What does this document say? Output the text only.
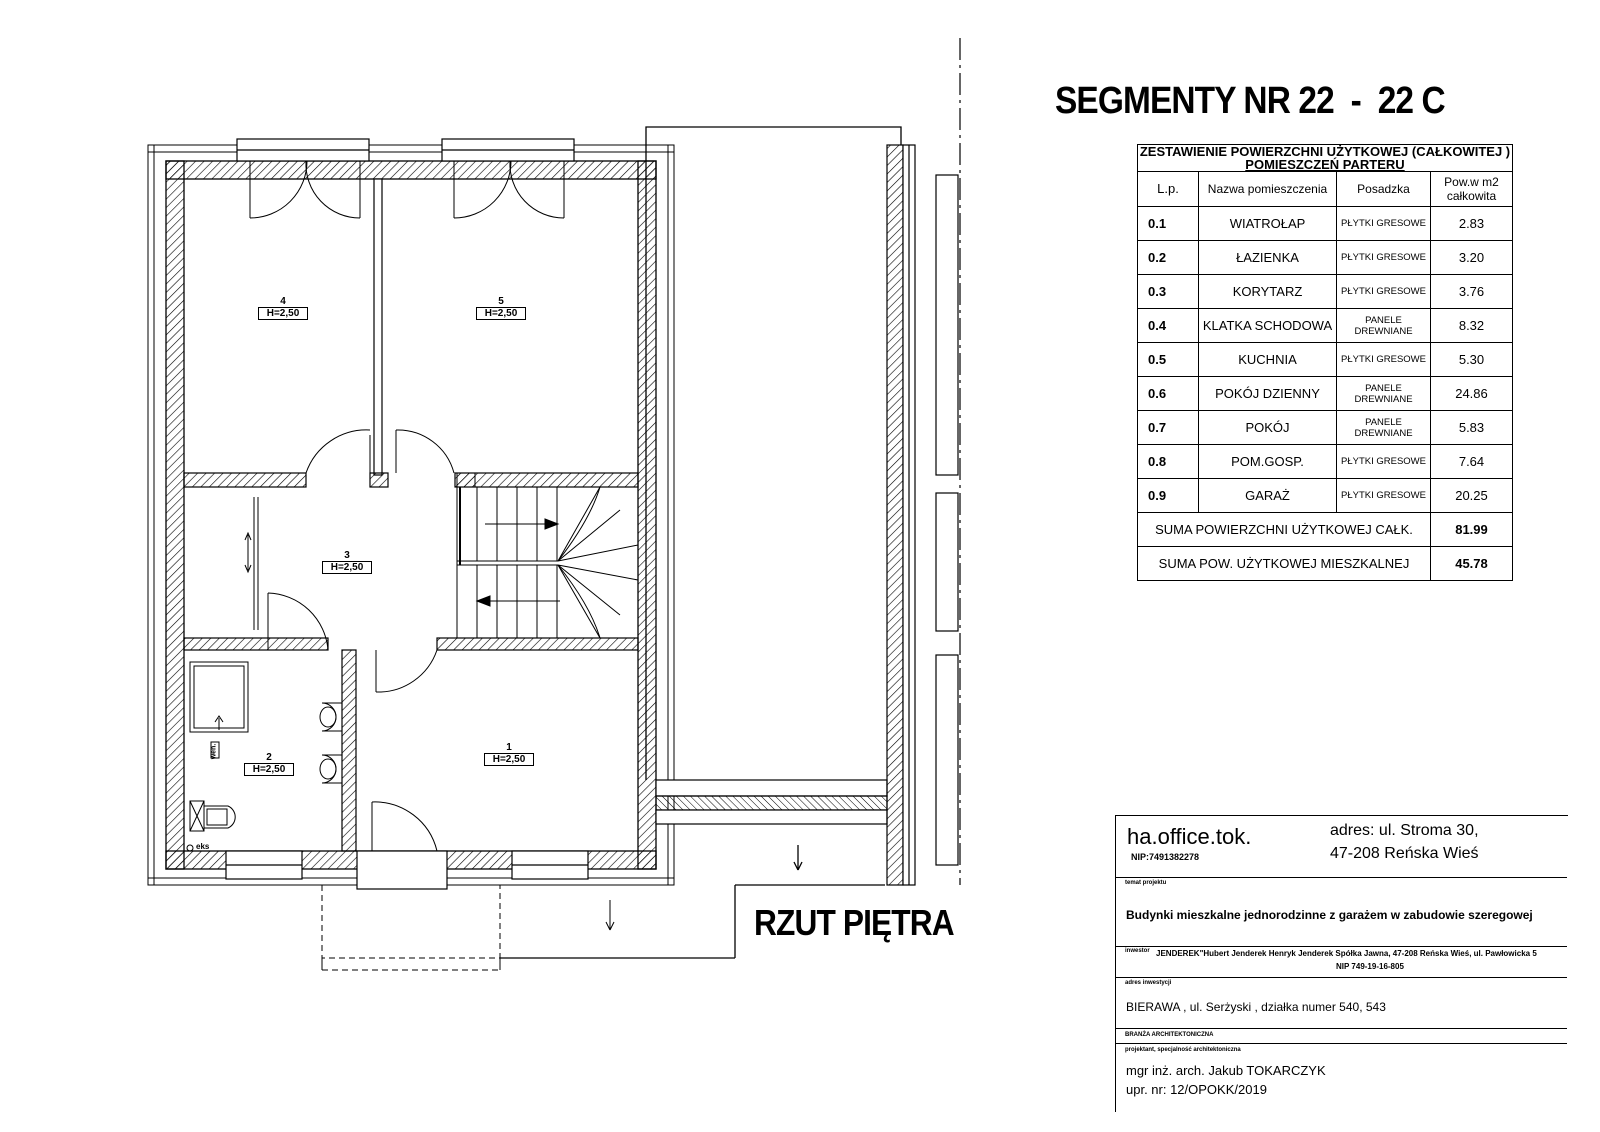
4
H=2,50
5
H=2,50
3
H=2,50
2
H=2,50
1
H=2,50
wen.
eks
SEGMENTY NR 22  -  22 C
RZUT PIĘTRA
ZESTAWIENIE POWIERZCHNI UŻYTKOWEJ (CAŁKOWITEJ )
POMIESZCZEŃ PARTERU			

L.p.	Nazwa pomieszczenia	Posadzka	Pow.w m2
całkowita

0.1	WIATROŁAP	PŁYTKI GRESOWE	2.83
0.2	ŁAZIENKA	PŁYTKI GRESOWE	3.20
0.3	KORYTARZ	PŁYTKI GRESOWE	3.76
0.4	KLATKA SCHODOWA	PANELE
DREWNIANE	8.32
0.5	KUCHNIA	PŁYTKI GRESOWE	5.30
0.6	POKÓJ DZIENNY	PANELE
DREWNIANE	24.86
0.7	POKÓJ	PANELE
DREWNIANE	5.83
0.8	POM.GOSP.	PŁYTKI GRESOWE	7.64
0.9	GARAŻ	PŁYTKI GRESOWE	20.25
SUMA POWIERZCHNI UŻYTKOWEJ CAŁK.			81.99
SUMA POW. UŻYTKOWEJ MIESZKALNEJ			45.78
ha.office.tok.
NIP:7491382278
adres: ul. Stroma 30,
47-208 Reńska Wieś
temat projektu
Budynki mieszkalne jednorodzinne z garażem w zabudowie szeregowej
inwestor JENDEREK"Hubert Jenderek Henryk Jenderek Spółka Jawna, 47-208 Reńska Wieś, ul. Pawłowicka 5
NIP 749-19-16-805
adres inwestycji
BIERAWA , ul. Serżyski , działka numer 540, 543
BRANŻA ARCHITEKTONICZNA
projektant, specjalność architektoniczna
mgr inż. arch. Jakub TOKARCZYK
upr. nr: 12/OPOKK/2019
